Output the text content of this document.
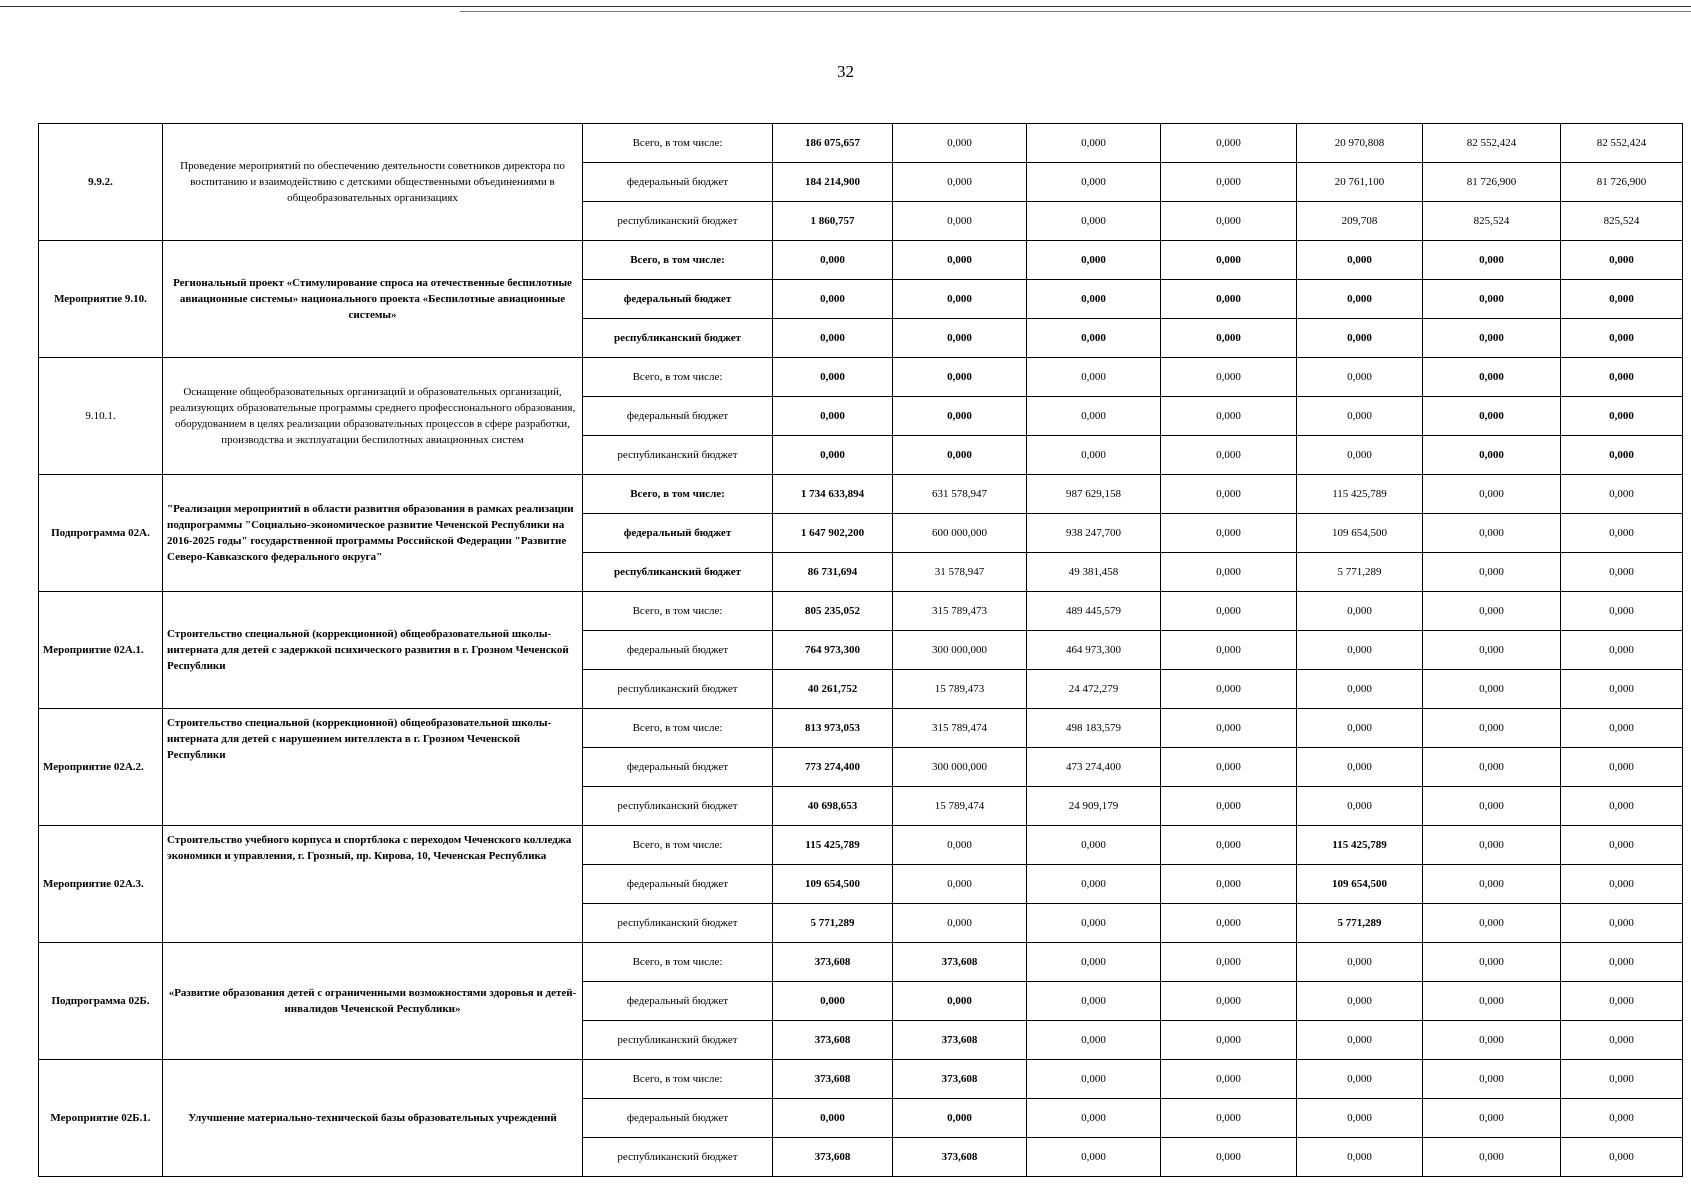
32
9.9.2.	Проведение мероприятий по обеспечению деятельности советников директора по воспитанию и взаимодействию с детскими общественными объединениями в общеобразовательных организациях	Всего, в том числе:	186 075,657	0,000	0,000	0,000	20 970,808	82 552,424	82 552,424
		федеральный бюджет	184 214,900	0,000	0,000	0,000	20 761,100	81 726,900	81 726,900
		республиканский бюджет	1 860,757	0,000	0,000	0,000	209,708	825,524	825,524
Мероприятие 9.10.	Региональный проект «Стимулирование спроса на отечественные беспилотные авиационные системы» национального проекта «Беспилотные авиационные системы»	Всего, в том числе:	0,000	0,000	0,000	0,000	0,000	0,000	0,000
		федеральный бюджет	0,000	0,000	0,000	0,000	0,000	0,000	0,000
		республиканский бюджет	0,000	0,000	0,000	0,000	0,000	0,000	0,000
9.10.1.	Оснащение общеобразовательных организаций и образовательных организаций, реализующих образовательные программы среднего профессионального образования, оборудованием в целях реализации образовательных процессов в сфере разработки, производства и эксплуатации беспилотных авиационных систем	Всего, в том числе:	0,000	0,000	0,000	0,000	0,000	0,000	0,000
		федеральный бюджет	0,000	0,000	0,000	0,000	0,000	0,000	0,000
		республиканский бюджет	0,000	0,000	0,000	0,000	0,000	0,000	0,000
Подпрограмма 02А.	"Реализация мероприятий в области развития образования в рамках реализации подпрограммы "Социально-экономическое развитие Чеченской Республики на 2016-2025 годы" государственной программы Российской Федерации "Развитие Северо-Кавказского федерального округа"	Всего, в том числе:	1 734 633,894	631 578,947	987 629,158	0,000	115 425,789	0,000	0,000
		федеральный бюджет	1 647 902,200	600 000,000	938 247,700	0,000	109 654,500	0,000	0,000
		республиканский бюджет	86 731,694	31 578,947	49 381,458	0,000	5 771,289	0,000	0,000
Мероприятие 02А.1.	Строительство специальной (коррекционной) общеобразовательной школы-интерната для детей с задержкой психического развития в г. Грозном Чеченской Республики	Всего, в том числе:	805 235,052	315 789,473	489 445,579	0,000	0,000	0,000	0,000
		федеральный бюджет	764 973,300	300 000,000	464 973,300	0,000	0,000	0,000	0,000
		республиканский бюджет	40 261,752	15 789,473	24 472,279	0,000	0,000	0,000	0,000
Мероприятие 02А.2.	Строительство специальной (коррекционной) общеобразовательной школы-интерната для детей с нарушением интеллекта в г. Грозном Чеченской Республики	Всего, в том числе:	813 973,053	315 789,474	498 183,579	0,000	0,000	0,000	0,000
		федеральный бюджет	773 274,400	300 000,000	473 274,400	0,000	0,000	0,000	0,000
		республиканский бюджет	40 698,653	15 789,474	24 909,179	0,000	0,000	0,000	0,000
Мероприятие 02А.3.	Строительство учебного корпуса и спортблока с переходом Чеченского колледжа экономики и управления, г. Грозный, пр. Кирова, 10, Чеченская Республика	Всего, в том числе:	115 425,789	0,000	0,000	0,000	115 425,789	0,000	0,000
		федеральный бюджет	109 654,500	0,000	0,000	0,000	109 654,500	0,000	0,000
		республиканский бюджет	5 771,289	0,000	0,000	0,000	5 771,289	0,000	0,000
Подпрограмма 02Б.	«Развитие образования детей с ограниченными возможностями здоровья и детей-инвалидов Чеченской Республики»	Всего, в том числе:	373,608	373,608	0,000	0,000	0,000	0,000	0,000
		федеральный бюджет	0,000	0,000	0,000	0,000	0,000	0,000	0,000
		республиканский бюджет	373,608	373,608	0,000	0,000	0,000	0,000	0,000
Мероприятие 02Б.1.	Улучшение материально-технической базы образовательных учреждений	Всего, в том числе:	373,608	373,608	0,000	0,000	0,000	0,000	0,000
		федеральный бюджет	0,000	0,000	0,000	0,000	0,000	0,000	0,000
		республиканский бюджет	373,608	373,608	0,000	0,000	0,000	0,000	0,000
